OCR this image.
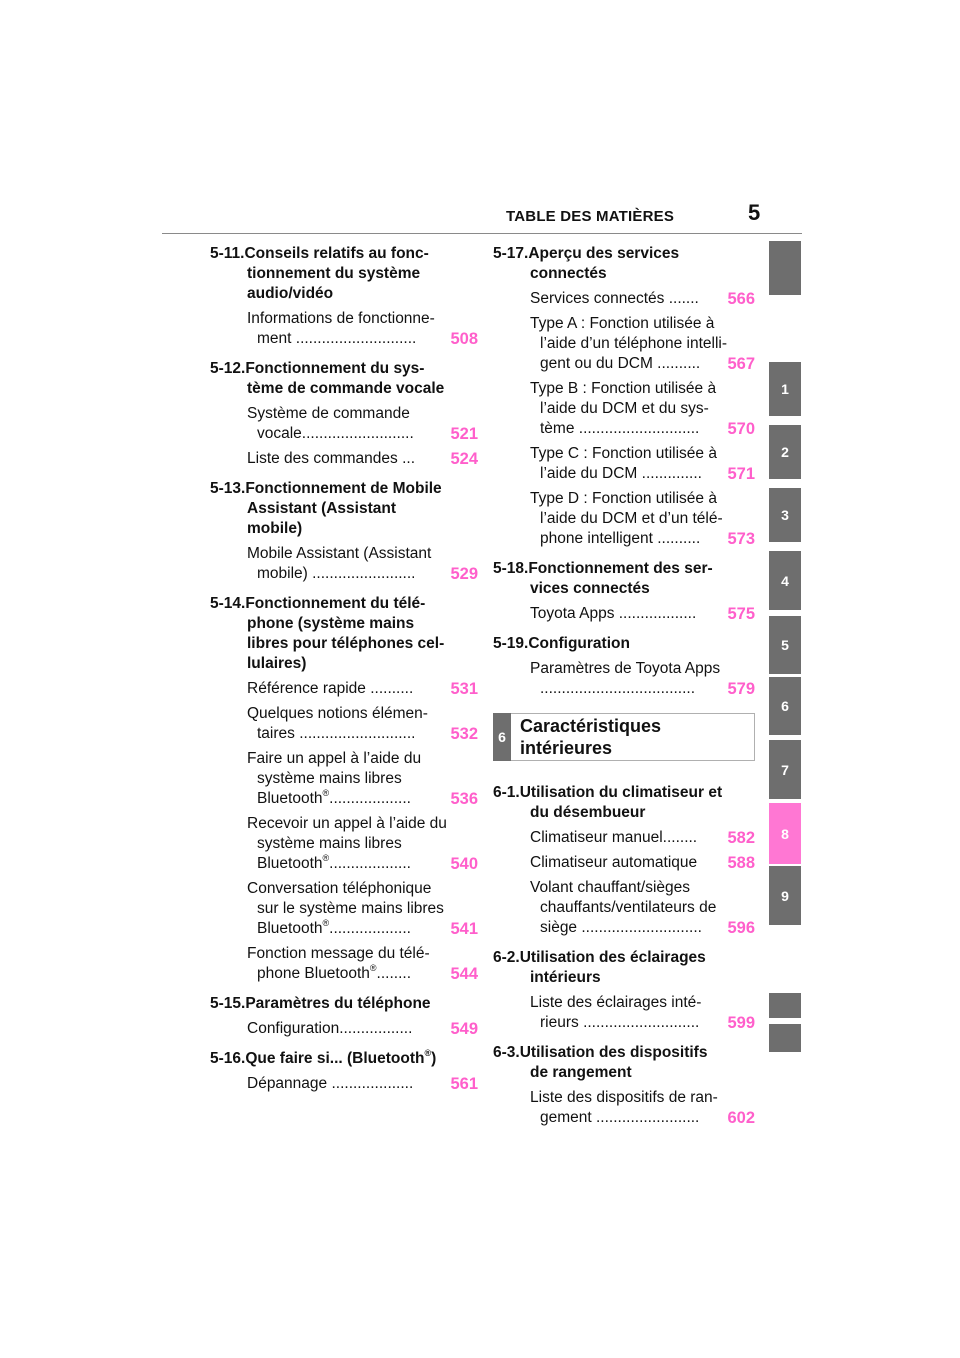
TABLE DES MATIÈRES	5
5-11.Conseils relatifs au fonc-
tionnement du système
audio/vidéo
Informations de fonctionne-
ment ............................ 508
5-12.Fonctionnement du sys-
tème de commande vocale
Système de commande
vocale.......................... 521
Liste des commandes ... 524
5-13.Fonctionnement de Mobile
Assistant (Assistant
mobile)
Mobile Assistant (Assistant
mobile) ........................ 529
5-14.Fonctionnement du télé-
phone (système mains
libres pour téléphones cel-
lulaires)
Référence rapide .......... 531
Quelques notions élémen-
taires ........................... 532
Faire un appel à l’aide du
système mains libres
Bluetooth®................... 536
Recevoir un appel à l’aide du
système mains libres
Bluetooth®................... 540
Conversation téléphonique
sur le système mains libres
Bluetooth®................... 541
Fonction message du télé-
phone Bluetooth®........ 544
5-15.Paramètres du téléphone
Configuration................. 549
5-16.Que faire si... (Bluetooth®)
Dépannage ................... 561
5-17.Aperçu des services
connectés
Services connectés ....... 566
Type A : Fonction utilisée à
l’aide d’un téléphone intelli-
gent ou du DCM .......... 567
Type B : Fonction utilisée à
l’aide du DCM et du sys-
tème ............................ 570
Type C : Fonction utilisée à
l’aide du DCM .............. 571
Type D : Fonction utilisée à
l’aide du DCM et d’un télé-
phone intelligent .......... 573
5-18.Fonctionnement des ser-
vices connectés
Toyota Apps .................. 575
5-19.Configuration
Paramètres de Toyota Apps
.................................... 579
6
Caractéristiques
intérieures
6-1.Utilisation du climatiseur et
du désembueur
Climatiseur manuel........ 582
Climatiseur automatique 588
Volant chauffant/sièges
chauffants/ventilateurs de
siège ............................ 596
6-2.Utilisation des éclairages
intérieurs
Liste des éclairages inté-
rieurs ........................... 599
6-3.Utilisation des dispositifs
de rangement
Liste des dispositifs de ran-
gement ........................ 602
1
2
3
4
5
6
7
8
9
